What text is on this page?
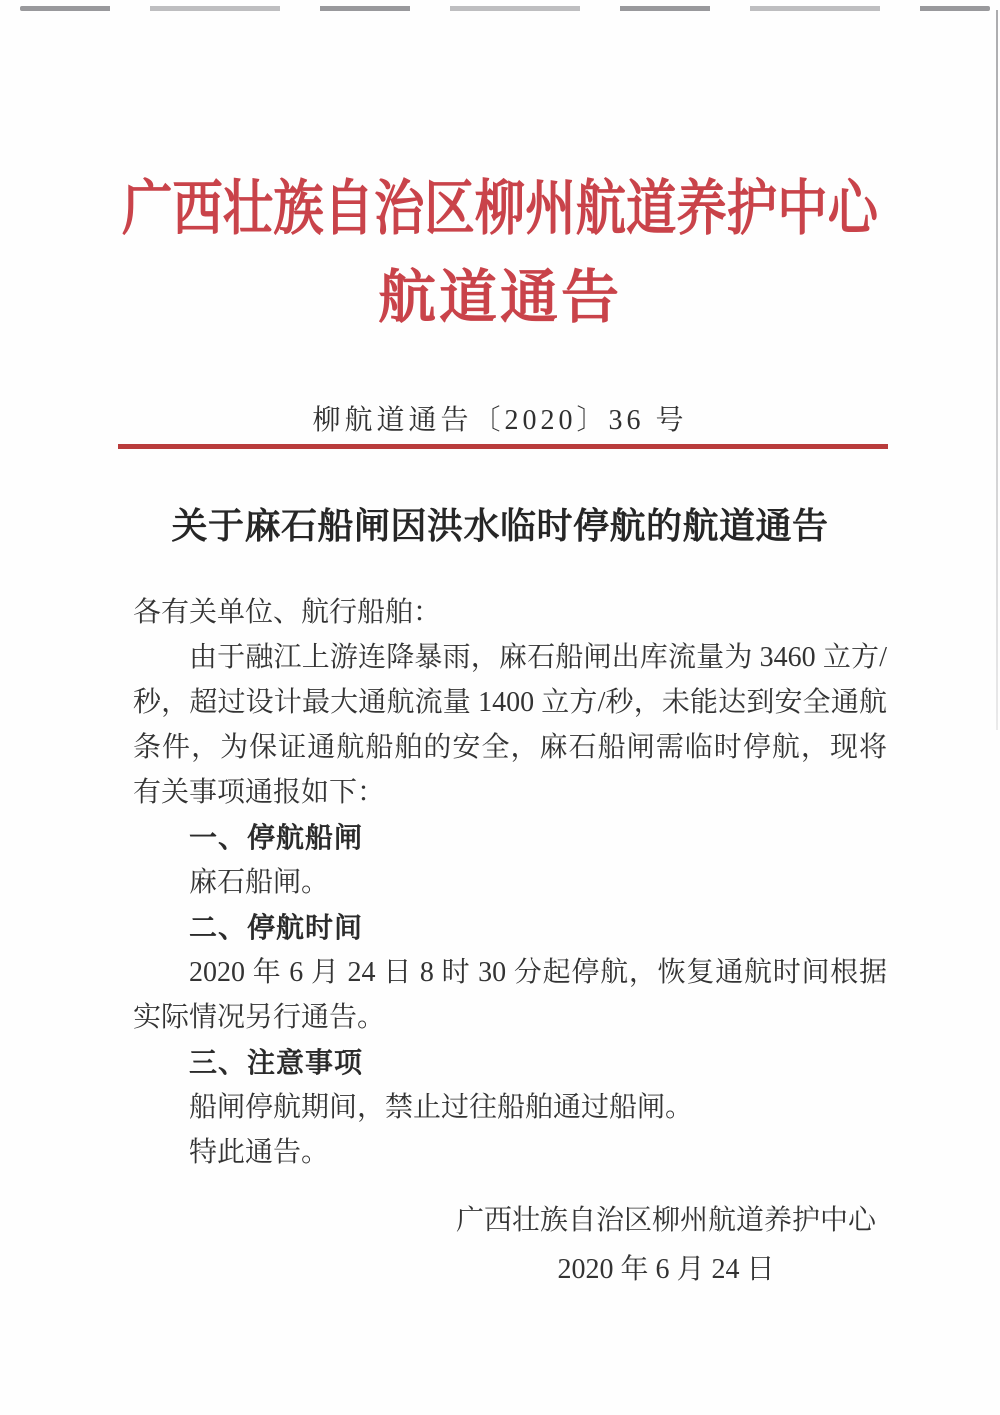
广西壮族自治区柳州航道养护中心
航道通告
柳航道通告〔2020〕36 号
关于麻石船闸因洪水临时停航的航道通告

各有关单位、航行船舶：

由于融江上游连降暴雨，麻石船闸出库流量为 3460 立方/秒，超过设计最大通航流量 1400 立方/秒，未能达到安全通航条件，为保证通航船舶的安全，麻石船闸需临时停航，现将有关事项通报如下：

一、停航船闸

麻石船闸。

二、停航时间

2020 年 6 月 24 日 8 时 30 分起停航，恢复通航时间根据实际情况另行通告。

三、注意事项

船闸停航期间，禁止过往船舶通过船闸。

特此通告。

广西壮族自治区柳州航道养护中心
2020 年 6 月 24 日
